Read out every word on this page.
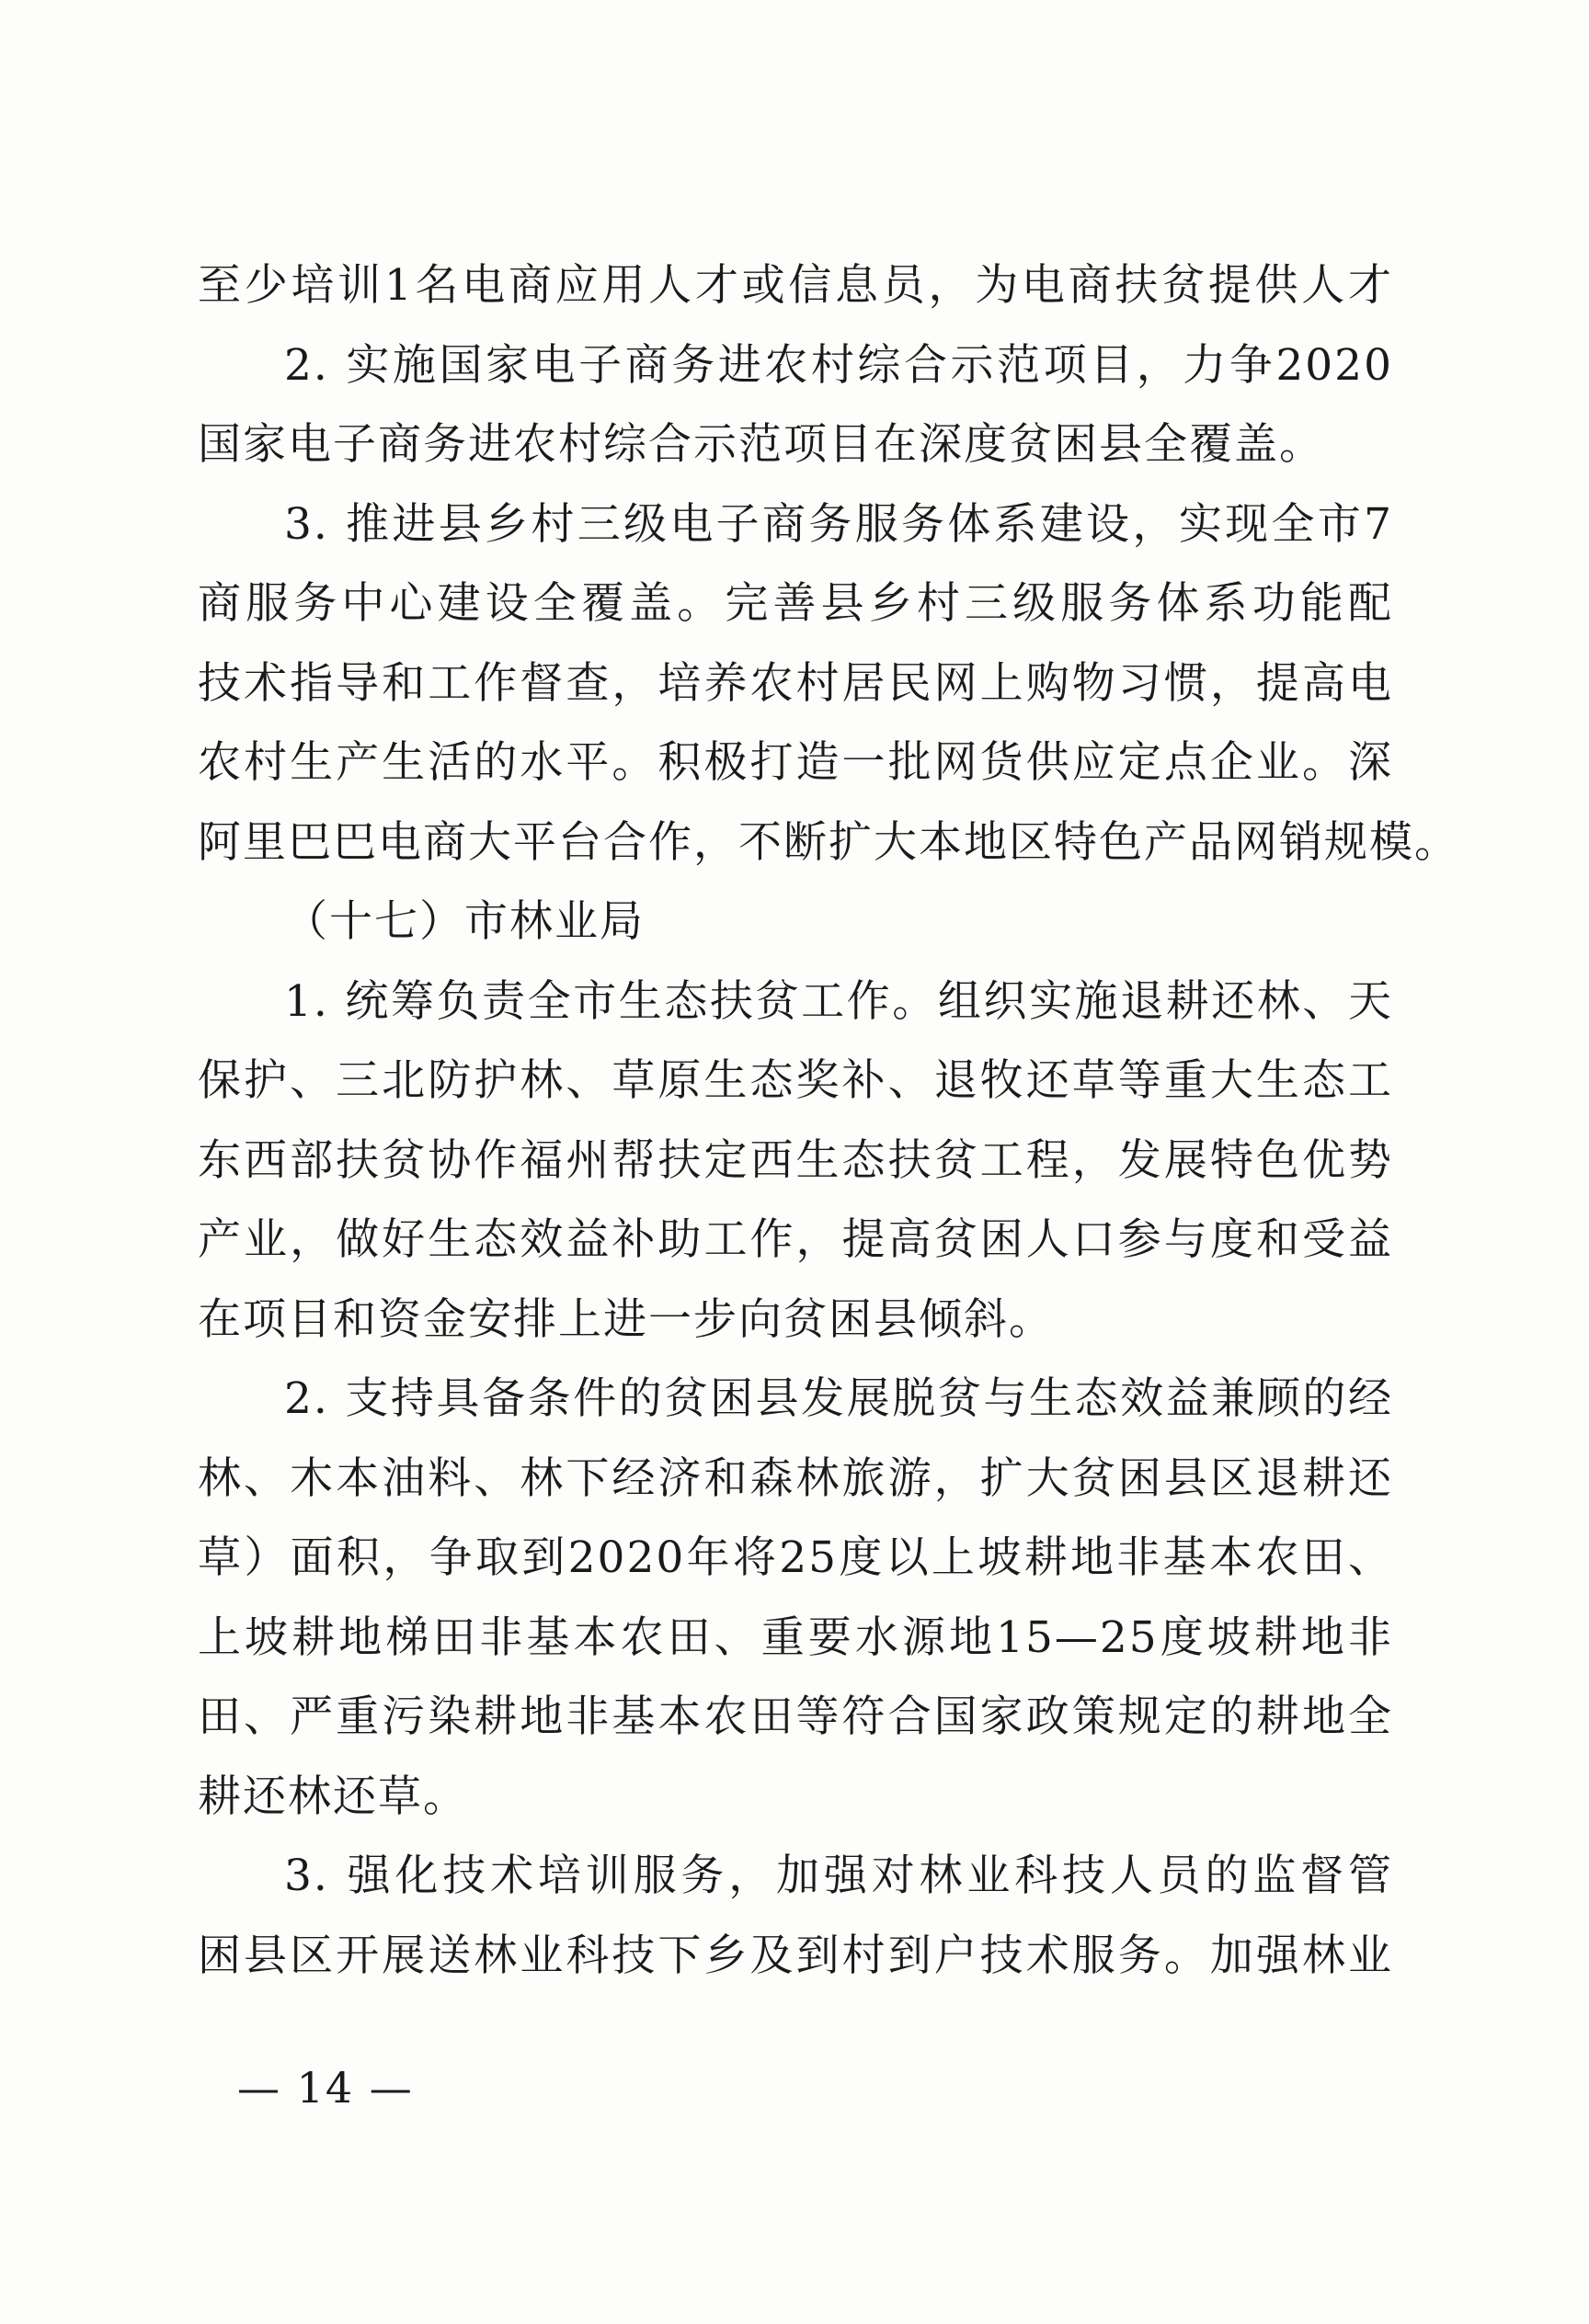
至少培训1名电商应用人才或信息员，为电商扶贫提供人才
2. 实施国家电子商务进农村综合示范项目，力争2020
国家电子商务进农村综合示范项目在深度贫困县全覆盖。
3. 推进县乡村三级电子商务服务体系建设，实现全市7
商服务中心建设全覆盖。完善县乡村三级服务体系功能配
技术指导和工作督查，培养农村居民网上购物习惯，提高电
农村生产生活的水平。积极打造一批网货供应定点企业。深
阿里巴巴电商大平台合作，不断扩大本地区特色产品网销规模。
（十七）市林业局
1. 统筹负责全市生态扶贫工作。组织实施退耕还林、天
保护、三北防护林、草原生态奖补、退牧还草等重大生态工
东西部扶贫协作福州帮扶定西生态扶贫工程，发展特色优势
产业，做好生态效益补助工作，提高贫困人口参与度和受益
在项目和资金安排上进一步向贫困县倾斜。
2. 支持具备条件的贫困县发展脱贫与生态效益兼顾的经
林、木本油料、林下经济和森林旅游，扩大贫困县区退耕还
草）面积，争取到2020年将25度以上坡耕地非基本农田、
上坡耕地梯田非基本农田、重要水源地15—25度坡耕地非
田、严重污染耕地非基本农田等符合国家政策规定的耕地全
耕还林还草。
3. 强化技术培训服务，加强对林业科技人员的监督管
困县区开展送林业科技下乡及到村到户技术服务。加强林业
— 14 —
